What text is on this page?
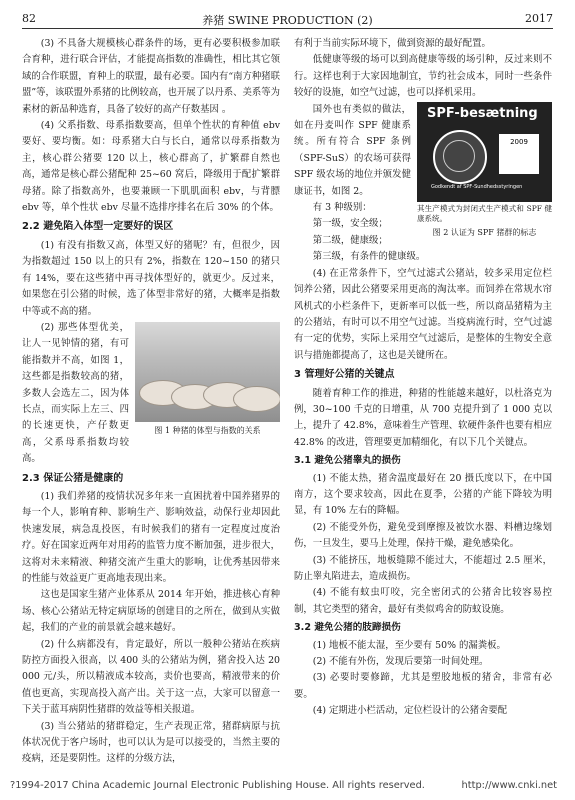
82	养猪 SWINE PRODUCTION (2)	2017

(3) 不具备大规模核心群条件的场，更有必要积极参加联合育种，进行联合评估，才能提高指数的准确性，相比其它领域的合作联盟，育种上的联盟，最有必要。国内有“南方种猪联盟”等，该联盟外系猪的比例较高，也开展了以丹系、美系等为素材的新品种选育，具备了较好的高产仔数基因 。

(4) 父系指数、母系指数要高，但单个性状的育种值 ebv 要好、要均衡。如：母系猪大白与长白，通常以母系指数为主，核心群公猪要 120 以上，核心群高了，扩繁群自然也高，通常是核心群公猪配种 25~60 窝后，降级用于配扩繁群母猪。除了指数高外，也要兼顾一下肌肌面积 ebv，与背膘 ebv 等，单个性状 ebv 尽量不选排序排名在后 30% 的个体。

2.2 避免陷入体型一定要好的误区

(1) 有没有指数又高，体型又好的猪呢？有，但很少，因为指数超过 150 以上的只有 2%，指数在 120~150 的猪只有 14%，要在这些猪中再寻找体型好的，就更少。反过来，如果您在引公猪的时候，选了体型非常好的猪，大概率是指数中等或不高的猪。

图 1 种猪的体型与指数的关系

(2) 那些体型优美，让人一见钟情的猪，有可能指数并不高，如图 1，这些都是指数较高的猪，多数人会选左二，因为体长点，而实际上左三、四的长速更快，产仔数更高，父系母系指数均较高。

2.3 保证公猪是健康的

(1) 我们养猪的疫情状况多年来一直困扰着中国养猪界的每一个人，影响育种、影响生产、影响效益，动保行业却因此快速发展，病急乱投医，有时候我们的猪有一定程度过度治疗。好在国家近两年对用药的监管力度不断加强，进步很大，这将对未来精液、种猪交流产生重大的影响，让优秀基因带来的性能与效益更广更高地表现出来。

这也是国家生猪产业体系从 2014 年开始，推进核心育种场、核心公猪站无特定病原场的创建目的之所在，做到从实做起，我们的产业的前景就会越来越好。

(2) 什么病都没有，肯定最好，所以一般种公猪站在疾病防控方面投入很高，以 400 头的公猪站为例，猪舍投入达 20 000 元/头，所以精液成本较高，卖价也要高，精液带来的价值也更高，实现高投入高产出。关于这一点，大家可以留意一下关于蓝耳病阴性猪群的效益等相关报道。

(3) 当公猪站的猪群稳定，生产表现正常，猪群病原与抗体状况优于客户场时，也可以认为是可以接受的，当然主要的疫病，还是要阴性。这样的分级方法，

有利于当前实际环境下，做到资源的最好配置。

低健康等级的场可以到高健康等级的场引种，反过来则不行。这样也利于大家因地制宜，节约社会成本，同时一些条件较好的设施，如空气过滤，也可以择机采用。

SPF-besætning
2009
Godkendt af SPF-Sundhedsstyringen
其生产模式为封闭式生产模式和 SPF 健康系统。
图 2 认证为 SPF 猪群的标志

国外也有类似的做法，如在丹麦叫作 SPF 健康系统。所有符合 SPF 条例（SPF-SuS）的农场可获得 SPF 级农场的地位并颁发健康证书，如图 2。

有 3 种级别：

第一级，安全级；

第二级，健康级；

第三级，有条件的健康级。

(4) 在正常条件下，空气过滤式公猪站，较多采用定位栏饲养公猪，因此公猪要采用更高的淘汰率。而饲养在常规水帘风机式的小栏条件下，更新率可以低一些，所以商品猪精为主的公猪站，有时可以不用空气过滤。当疫病流行时，空气过滤有一定的优势，实际上采用空气过滤后，是整体的生物安全意识与措施都提高了，这也是关键所在。

3 管理好公猪的关键点

随着育种工作的推进，种猪的性能越来越好，以杜洛克为例，30~100 千克的日增重，从 700 克提升到了 1 000 克以上，提升了 42.8%，意味着生产管理、软硬件条件也要有相应 42.8% 的改进，管理要更加精细化，有以下几个关键点。

3.1 避免公猪睾丸的损伤

(1) 不能太热，猪舍温度最好在 20 摄氏度以下，在中国南方，这个要求较高，因此在夏季，公猪的产能下降较为明显，有 10% 左右的降幅。

(2) 不能受外伤，避免受到摩擦及被饮水器、料槽边缘划伤，一旦发生，要马上处理，保持干燥，避免感染化。

(3) 不能挤压，地板缝隙不能过大，不能超过 2.5 厘米，防止睾丸陷进去，造成损伤。

(4) 不能有蚊虫叮咬，完全密闭式的公猪舍比较容易控制，其它类型的猪舍，最好有类似鸡舍的防蚊设施。

3.2 避免公猪的肢蹄损伤

(1) 地板不能太湿，至少要有 50% 的漏粪板。

(2) 不能有外伤，发现后要第一时间处理。

(3) 必要时要修蹄，尤其是塑胶地板的猪舍，非常有必要。

(4) 定期进小栏活动，定位栏设计的公猪舍要配

?1994-2017 China Academic Journal Electronic Publishing House. All rights reserved.	http://www.cnki.net
